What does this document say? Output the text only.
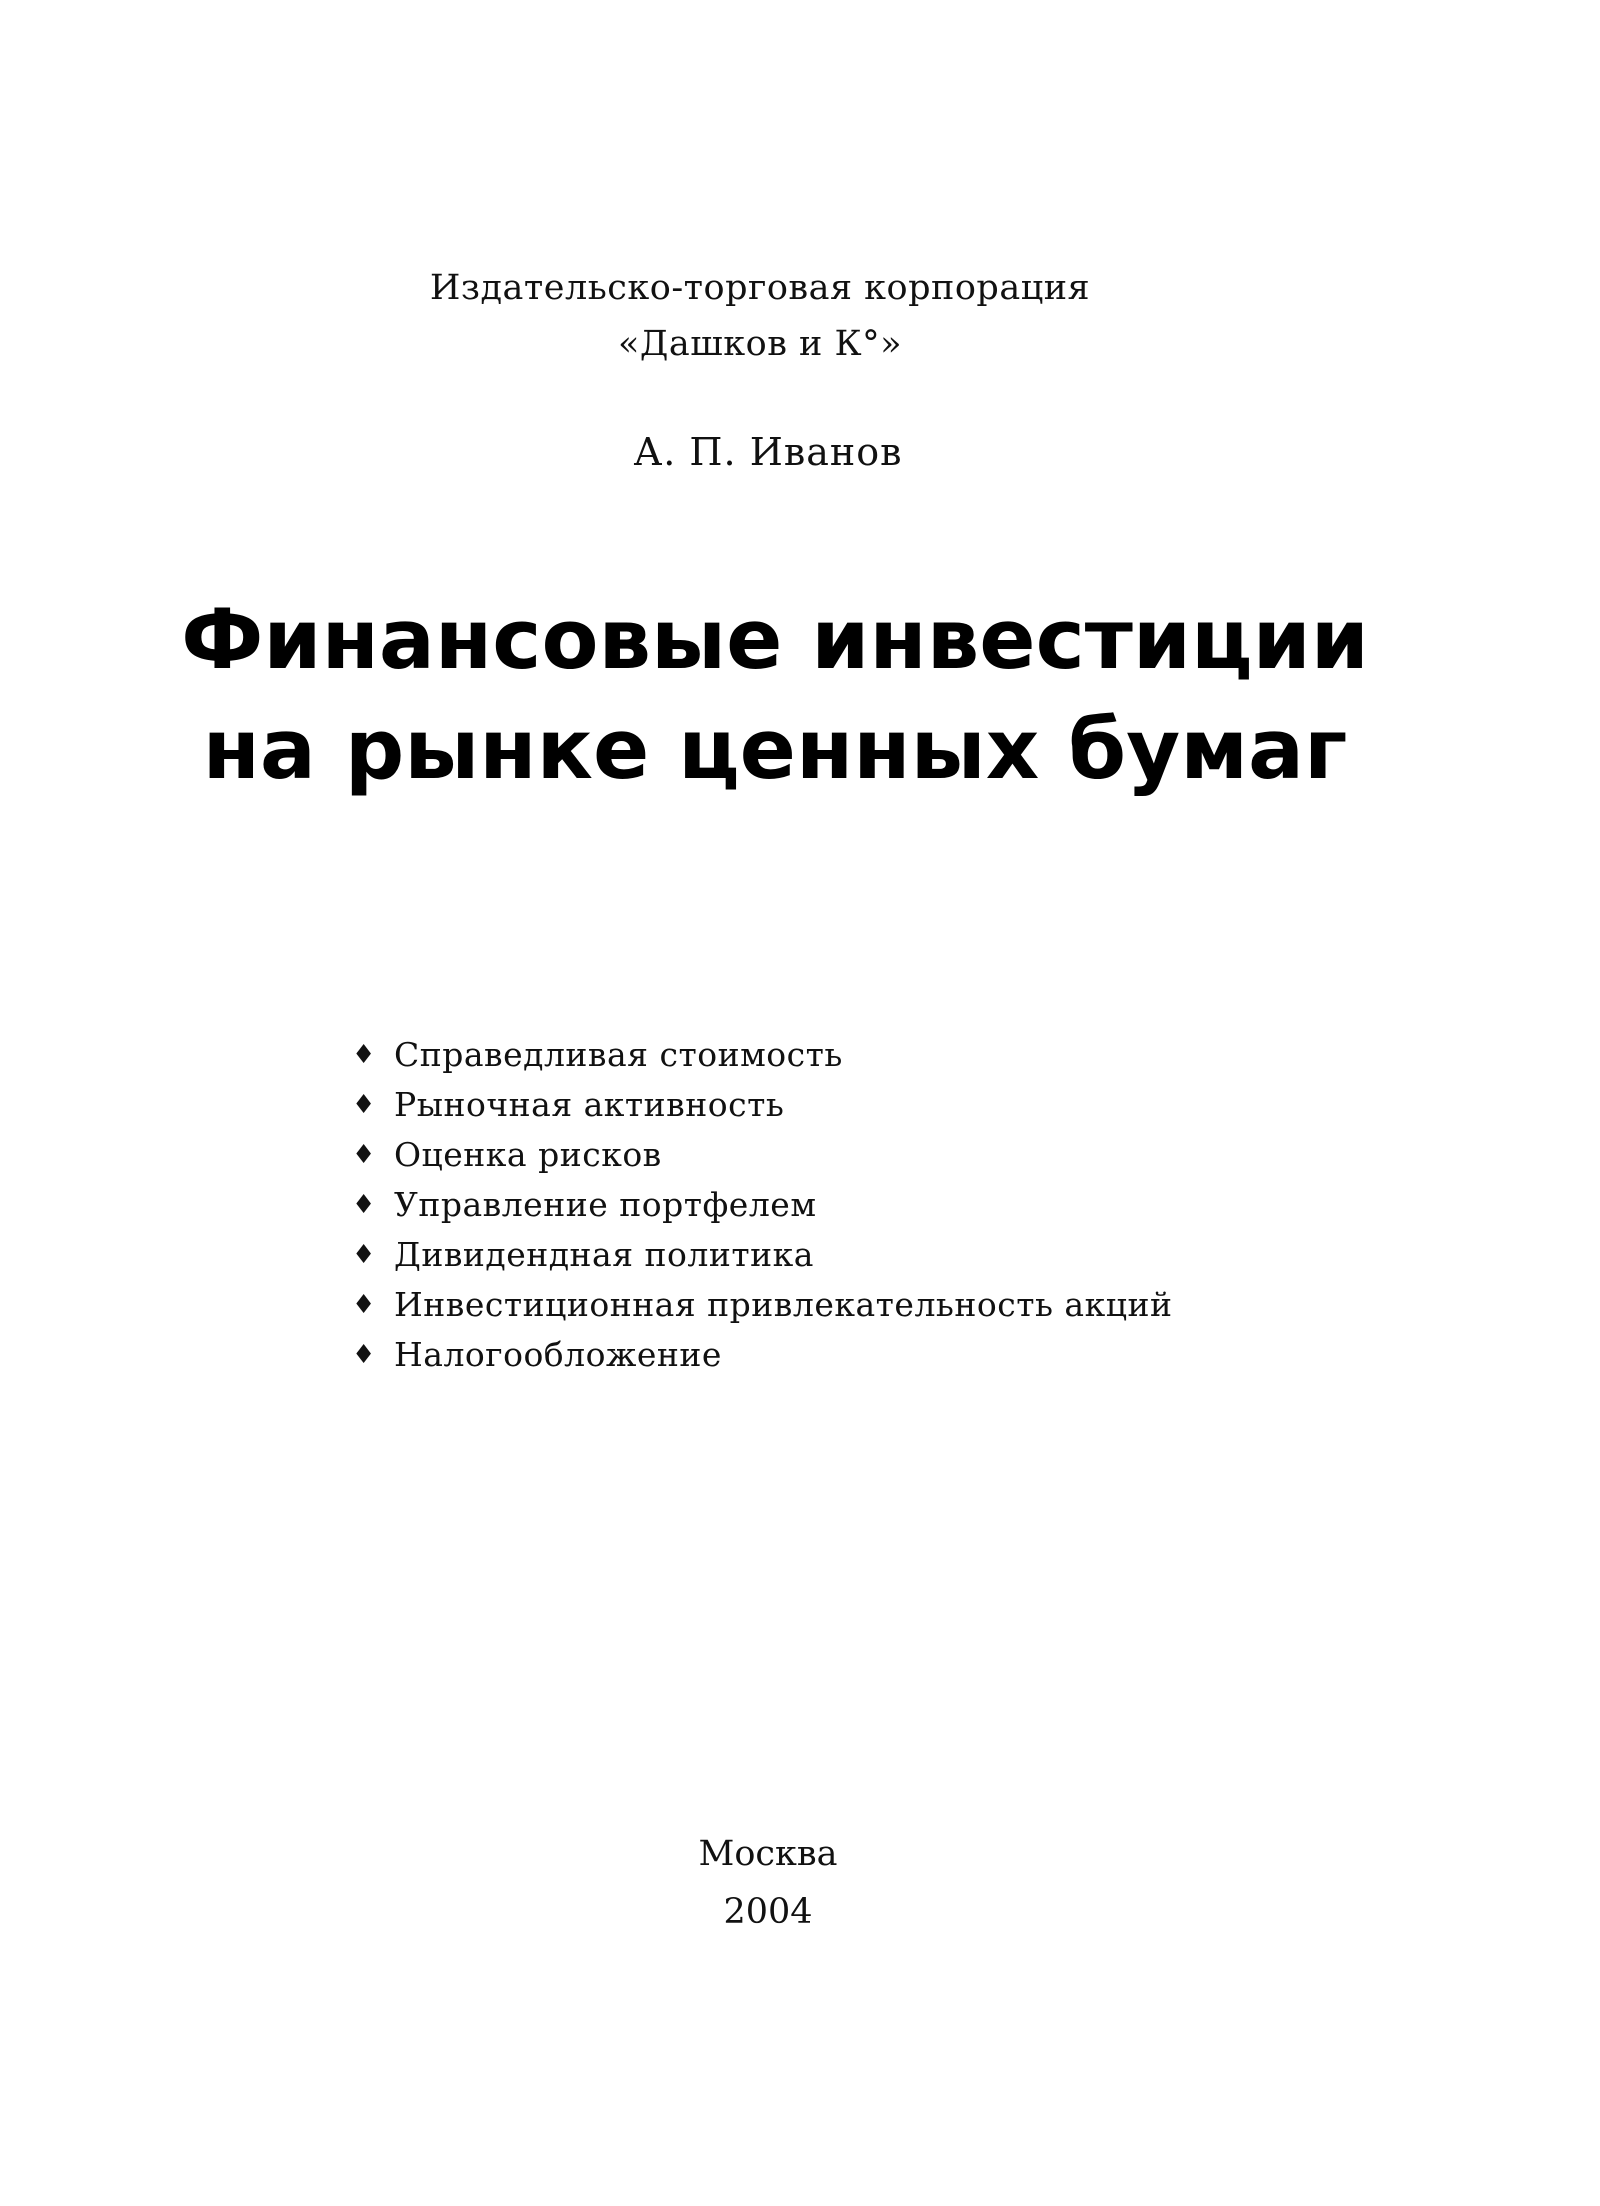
Издательско-торговая корпорация
«Дашков и К°»
А. П. Иванов
Финансовые инвестиции
на рынке ценных бумаг
♦ Справедливая стоимость
♦ Рыночная активность
♦ Оценка рисков
♦ Управление портфелем
♦ Дивидендная политика
♦ Инвестиционная привлекательность акций
♦ Налогообложение
Москва
2004
